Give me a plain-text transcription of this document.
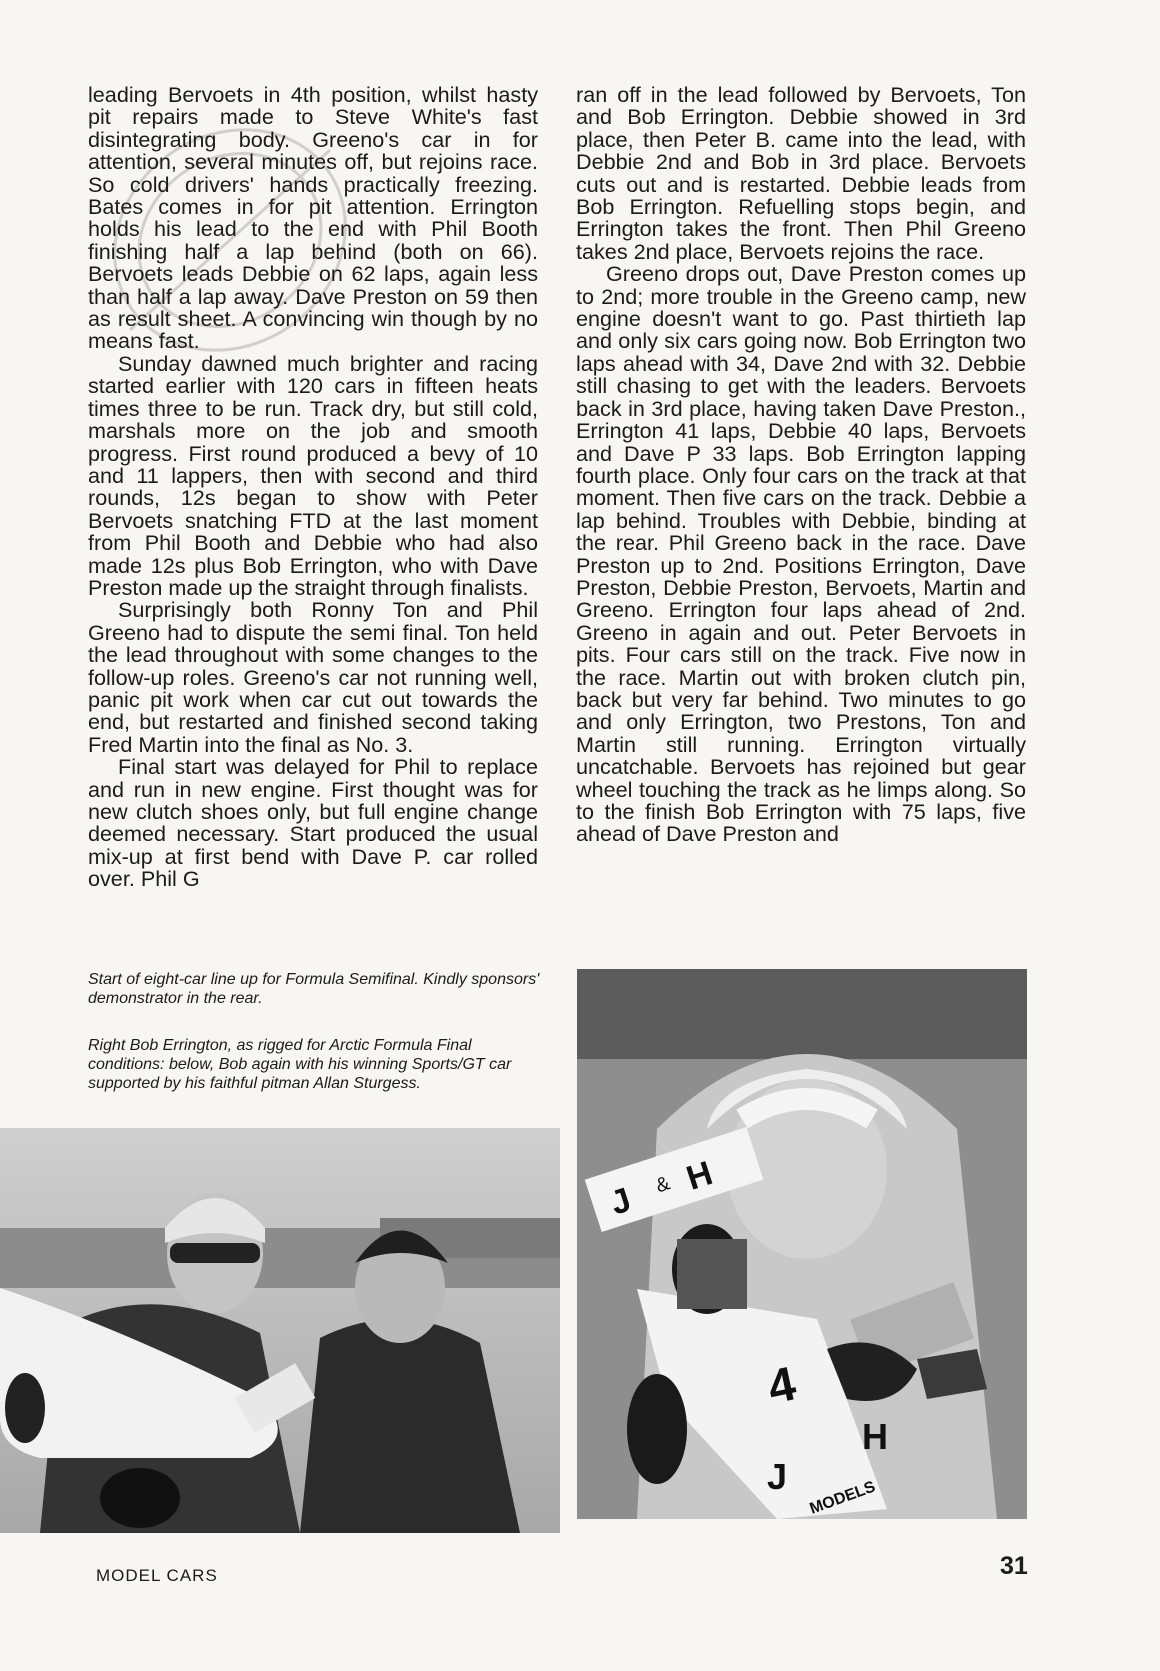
leading Bervoets in 4th position, whilst hasty pit repairs made to Steve White's fast disintegrating body. Greeno's car in for attention, several minutes off, but rejoins race. So cold drivers' hands practically freezing. Bates comes in for pit attention. Errington holds his lead to the end with Phil Booth finishing half a lap behind (both on 66). Bervoets leads Debbie on 62 laps, again less than half a lap away. Dave Preston on 59 then as result sheet. A convincing win though by no means fast.

Sunday dawned much brighter and racing started earlier with 120 cars in fifteen heats times three to be run. Track dry, but still cold, marshals more on the job and smooth progress. First round produced a bevy of 10 and 11 lappers, then with second and third rounds, 12s began to show with Peter Bervoets snatching FTD at the last moment from Phil Booth and Debbie who had also made 12s plus Bob Errington, who with Dave Preston made up the straight through finalists.

Surprisingly both Ronny Ton and Phil Greeno had to dispute the semi final. Ton held the lead throughout with some changes to the follow-up roles. Greeno's car not running well, panic pit work when car cut out towards the end, but restarted and finished second taking Fred Martin into the final as No. 3.

Final start was delayed for Phil to replace and run in new engine. First thought was for new clutch shoes only, but full engine change deemed necessary. Start produced the usual mix-up at first bend with Dave P. car rolled over. Phil G

ran off in the lead followed by Bervoets, Ton and Bob Errington. Debbie showed in 3rd place, then Peter B. came into the lead, with Debbie 2nd and Bob in 3rd place. Bervoets cuts out and is restarted. Debbie leads from Bob Errington. Refuelling stops begin, and Errington takes the front. Then Phil Greeno takes 2nd place, Bervoets rejoins the race.

Greeno drops out, Dave Preston comes up to 2nd; more trouble in the Greeno camp, new engine doesn't want to go. Past thirtieth lap and only six cars going now. Bob Errington two laps ahead with 34, Dave 2nd with 32. Debbie still chasing to get with the leaders. Bervoets back in 3rd place, having taken Dave Preston., Errington 41 laps, Debbie 40 laps, Bervoets and Dave P 33 laps. Bob Errington lapping fourth place. Only four cars on the track at that moment. Then five cars on the track. Debbie a lap behind. Troubles with Debbie, binding at the rear. Phil Greeno back in the race. Dave Preston up to 2nd. Positions Errington, Dave Preston, Debbie Preston, Bervoets, Martin and Greeno. Errington four laps ahead of 2nd. Greeno in again and out. Peter Bervoets in pits. Four cars still on the track. Five now in the race. Martin out with broken clutch pin, back but very far behind. Two minutes to go and only Errington, two Prestons, Ton and Martin still running. Errington virtually uncatchable. Bervoets has rejoined but gear wheel touching the track as he limps along. So to the finish Bob Errington with 75 laps, five ahead of Dave Preston and

Start of eight-car line up for Formula Semifinal. Kindly sponsors' demonstrator in the rear.
Right Bob Errington, as rigged for Arctic Formula Final conditions: below, Bob again with his winning Sports/GT car supported by his faithful pitman Allan Sturgess.
J & H
4
J
H
MODELS
MODEL CARS	31
